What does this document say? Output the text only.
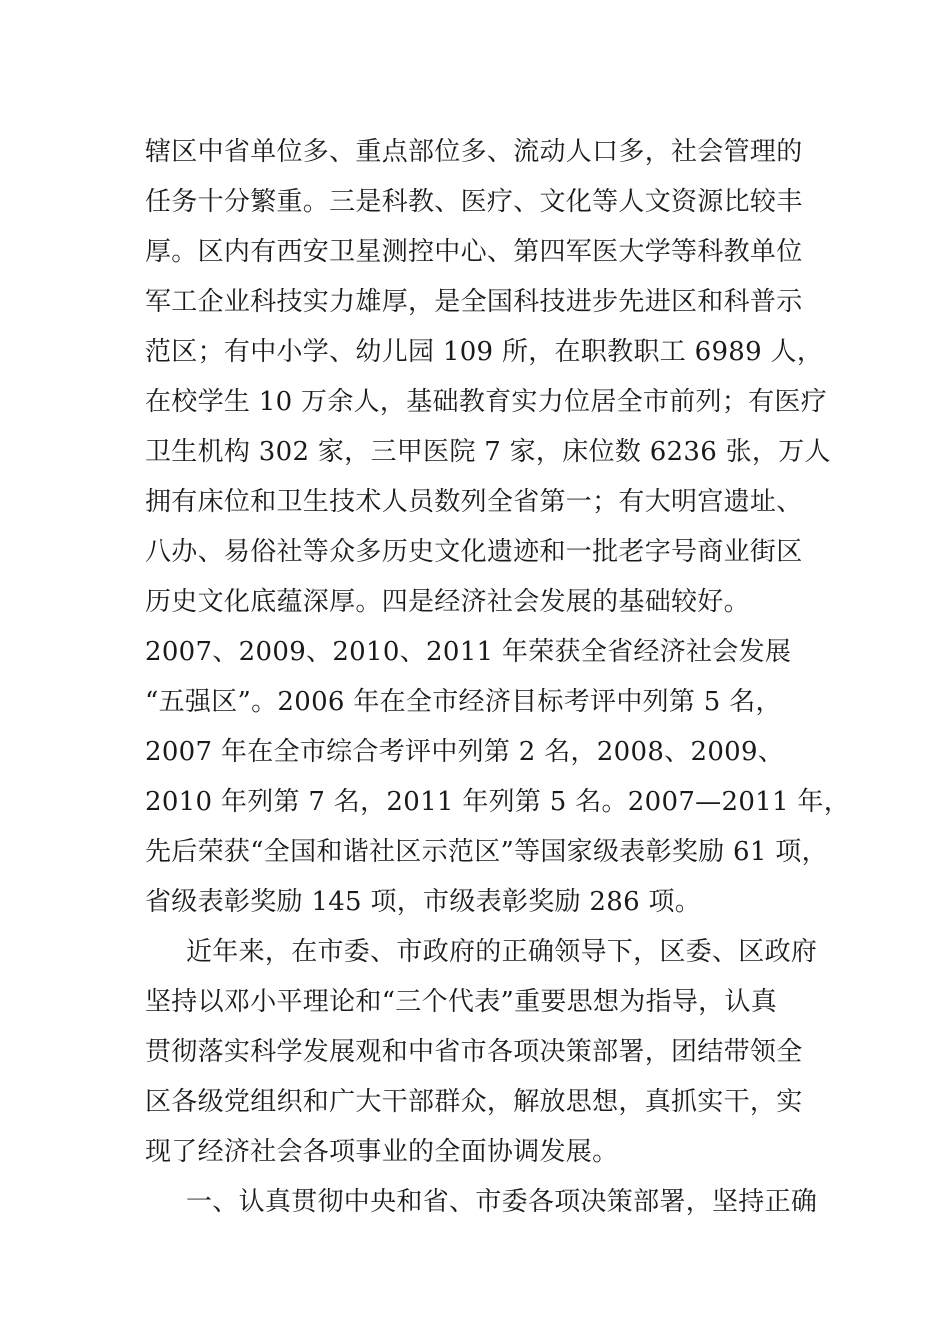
辖区中省单位多、重点部位多、流动人口多，社会管理的
任务十分繁重。三是科教、医疗、文化等人文资源比较丰
厚。区内有西安卫星测控中心、第四军医大学等科教单位
军工企业科技实力雄厚，是全国科技进步先进区和科普示
范区；有中小学、幼儿园 109 所，在职教职工 6989 人，
在校学生 10 万余人，基础教育实力位居全市前列；有医疗
卫生机构 302 家，三甲医院 7 家，床位数 6236 张，万人
拥有床位和卫生技术人员数列全省第一；有大明宫遗址、
八办、易俗社等众多历史文化遗迹和一批老字号商业街区
历史文化底蕴深厚。四是经济社会发展的基础较好。
2007、2009、2010、2011 年荣获全省经济社会发展
“五强区”。2006 年在全市经济目标考评中列第 5 名，
2007 年在全市综合考评中列第 2 名，2008、2009、
2010 年列第 7 名，2011 年列第 5 名。2007—2011 年，
先后荣获“全国和谐社区示范区”等国家级表彰奖励 61 项，
省级表彰奖励 145 项，市级表彰奖励 286 项。
近年来，在市委、市政府的正确领导下，区委、区政府
坚持以邓小平理论和“三个代表”重要思想为指导，认真
贯彻落实科学发展观和中省市各项决策部署，团结带领全
区各级党组织和广大干部群众，解放思想，真抓实干，实
现了经济社会各项事业的全面协调发展。
一、认真贯彻中央和省、市委各项决策部署，坚持正确
